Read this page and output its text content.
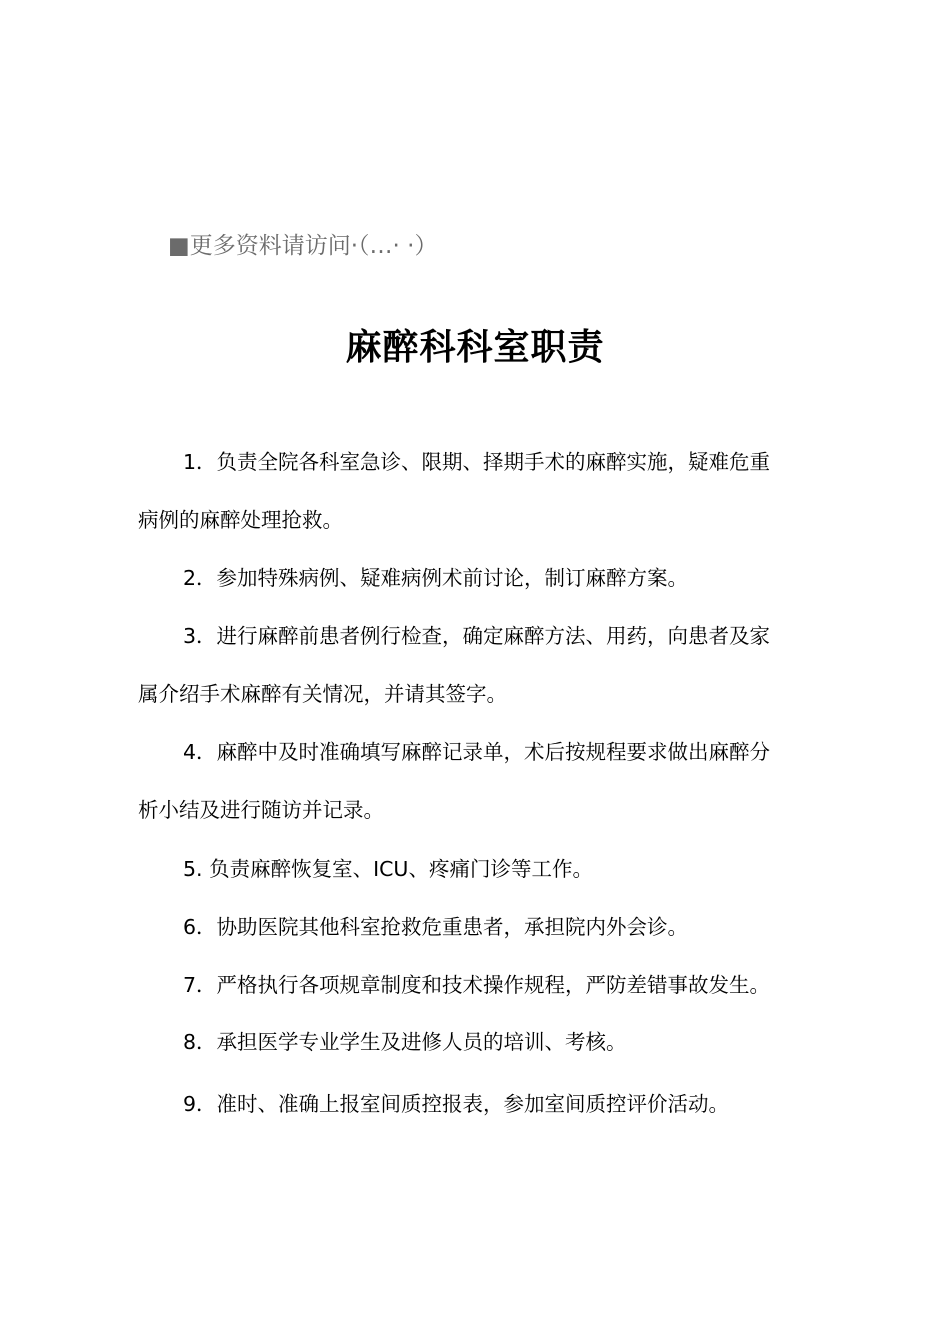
■更多资料请访问·（…· ·）
麻醉科科室职责
1．负责全院各科室急诊、限期、择期手术的麻醉实施，疑难危重
病例的麻醉处理抢救。
2．参加特殊病例、疑难病例术前讨论，制订麻醉方案。
3．进行麻醉前患者例行检查，确定麻醉方法、用药，向患者及家
属介绍手术麻醉有关情况，并请其签字。
4．麻醉中及时准确填写麻醉记录单，术后按规程要求做出麻醉分
析小结及进行随访并记录。
5. 负责麻醉恢复室、ICU、疼痛门诊等工作。
6．协助医院其他科室抢救危重患者，承担院内外会诊。
7．严格执行各项规章制度和技术操作规程，严防差错事故发生。
8．承担医学专业学生及进修人员的培训、考核。
9．准时、准确上报室间质控报表，参加室间质控评价活动。
